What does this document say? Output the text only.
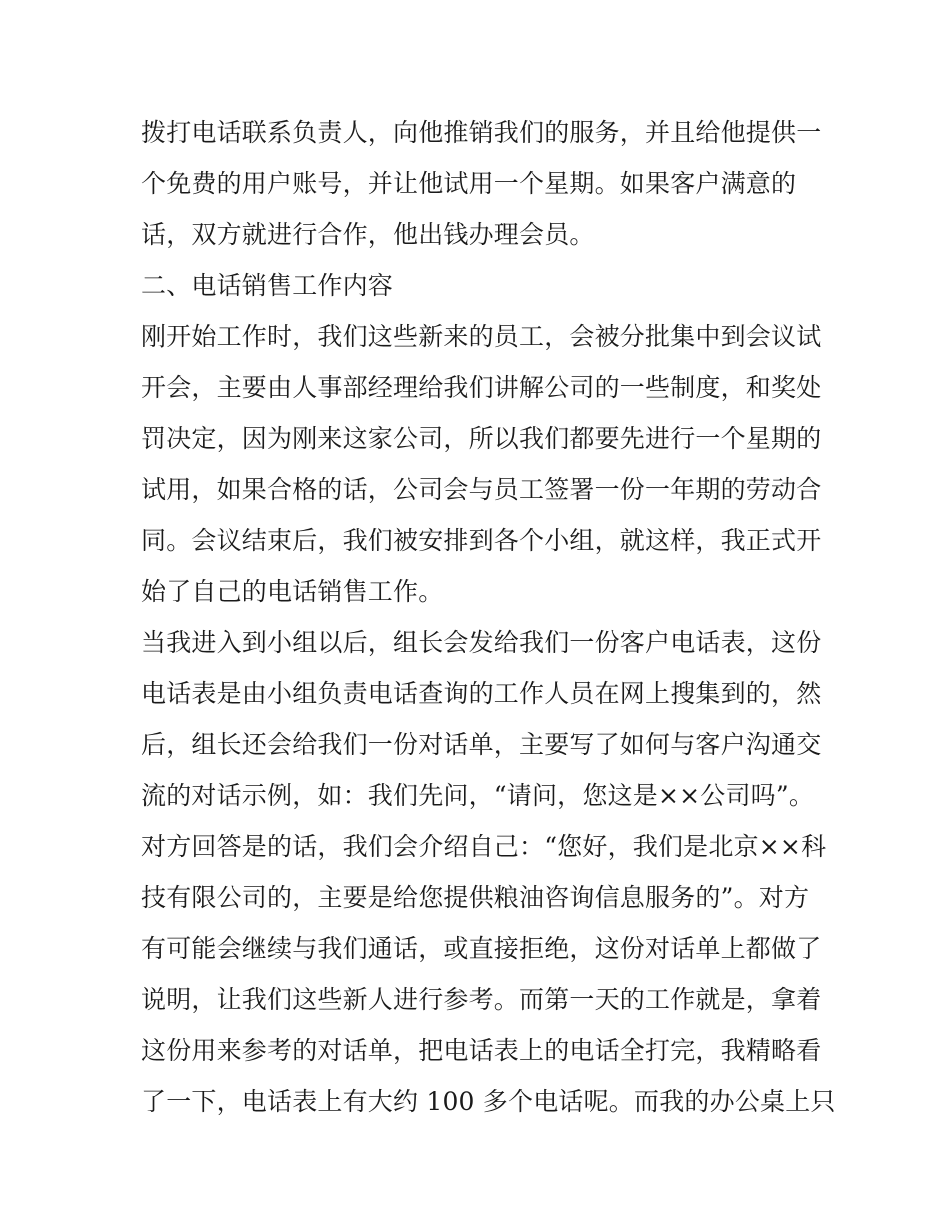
拨打电话联系负责人，向他推销我们的服务，并且给他提供一
个免费的用户账号，并让他试用一个星期。如果客户满意的
话，双方就进行合作，他出钱办理会员。
二、电话销售工作内容
刚开始工作时，我们这些新来的员工，会被分批集中到会议试
开会，主要由人事部经理给我们讲解公司的一些制度，和奖处
罚决定，因为刚来这家公司，所以我们都要先进行一个星期的
试用，如果合格的话，公司会与员工签署一份一年期的劳动合
同。会议结束后，我们被安排到各个小组，就这样，我正式开
始了自己的电话销售工作。
当我进入到小组以后，组长会发给我们一份客户电话表，这份
电话表是由小组负责电话查询的工作人员在网上搜集到的，然
后，组长还会给我们一份对话单，主要写了如何与客户沟通交
流的对话示例，如：我们先问，“请问，您这是××公司吗”。
对方回答是的话，我们会介绍自己：“您好，我们是北京××科
技有限公司的，主要是给您提供粮油咨询信息服务的”。对方
有可能会继续与我们通话，或直接拒绝，这份对话单上都做了
说明，让我们这些新人进行参考。而第一天的工作就是，拿着
这份用来参考的对话单，把电话表上的电话全打完，我精略看
了一下，电话表上有大约 100 多个电话呢。而我的办公桌上只
